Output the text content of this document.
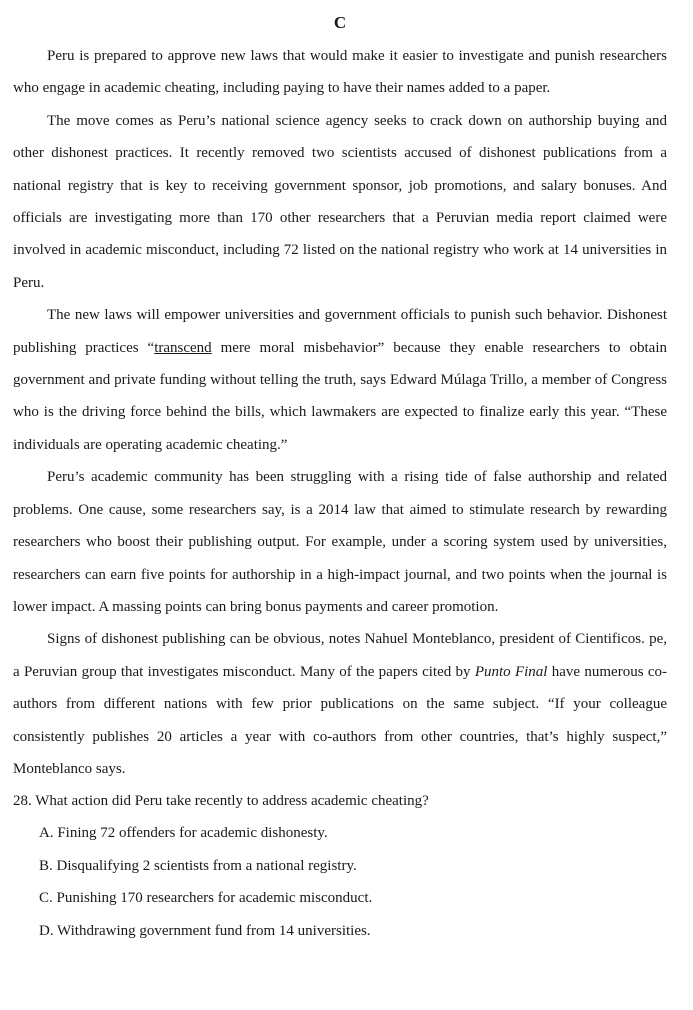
C

Peru is prepared to approve new laws that would make it easier to investigate and punish researchers who engage in academic cheating, including paying to have their names added to a paper.

The move comes as Peru’s national science agency seeks to crack down on authorship buying and other dishonest practices. It recently removed two scientists accused of dishonest publications from a national registry that is key to receiving government sponsor, job promotions, and salary bonuses. And officials are investigating more than 170 other researchers that a Peruvian media report claimed were involved in academic misconduct, including 72 listed on the national registry who work at 14 universities in Peru.

The new laws will empower universities and government officials to punish such behavior. Dishonest publishing practices “transcend mere moral misbehavior” because they enable researchers to obtain government and private funding without telling the truth, says Edward Múlaga Trillo, a member of Congress who is the driving force behind the bills, which lawmakers are expected to finalize early this year. “These individuals are operating academic cheating.”

Peru’s academic community has been struggling with a rising tide of false authorship and related problems. One cause, some researchers say, is a 2014 law that aimed to stimulate research by rewarding researchers who boost their publishing output. For example, under a scoring system used by universities, researchers can earn five points for authorship in a high-impact journal, and two points when the journal is lower impact. A massing points can bring bonus payments and career promotion.

Signs of dishonest publishing can be obvious, notes Nahuel Monteblanco, president of Cientificos. pe, a Peruvian group that investigates misconduct. Many of the papers cited by Punto Final have numerous co-authors from different nations with few prior publications on the same subject. “If your colleague consistently publishes 20 articles a year with co-authors from other countries, that’s highly suspect,” Monteblanco says.

28. What action did Peru take recently to address academic cheating?

A. Fining 72 offenders for academic dishonesty.
B. Disqualifying 2 scientists from a national registry.
C. Punishing 170 researchers for academic misconduct.
D. Withdrawing government fund from 14 universities.
